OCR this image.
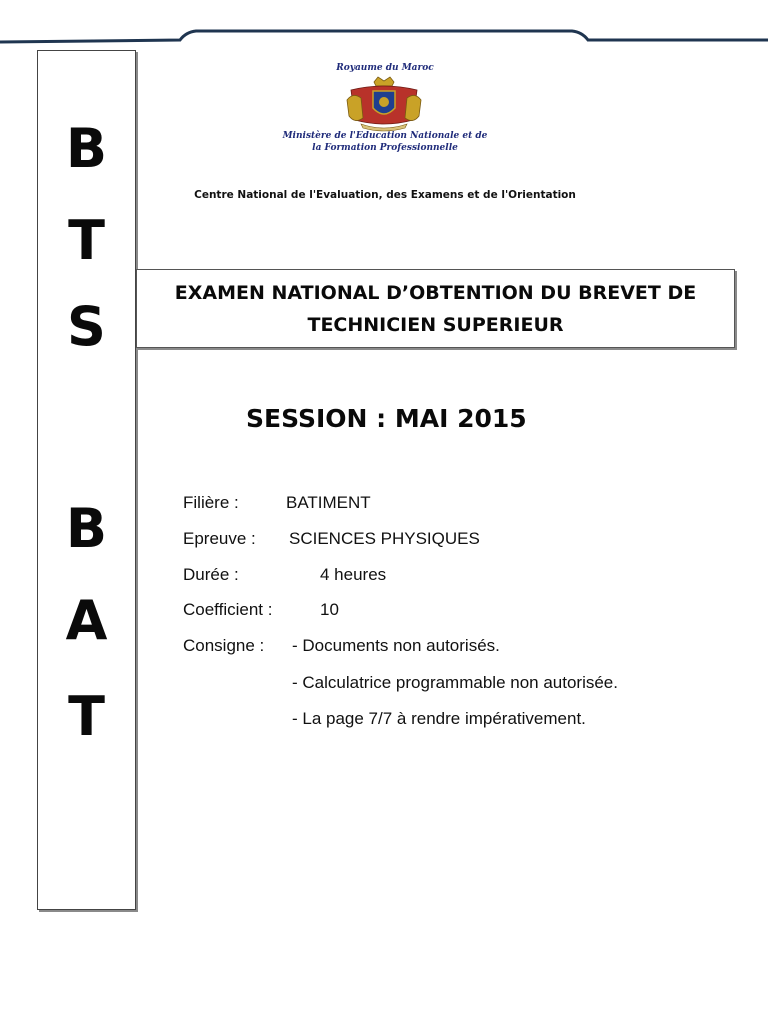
B
T
S
B
A
T
Royaume du Maroc
Ministère de l'Education Nationale et de
la Formation Professionnelle
Centre National de l'Evaluation, des Examens et de l'Orientation
EXAMEN NATIONAL D’OBTENTION DU BREVET DE
TECHNICIEN SUPERIEUR
SESSION : MAI 2015
Filière :	BATIMENT
Epreuve : SCIENCES PHYSIQUES
Durée :	4 heures
Coefficient :	10
Consigne : - Documents non autorisés.
- Calculatrice programmable non autorisée.
- La page 7/7 à rendre impérativement.
